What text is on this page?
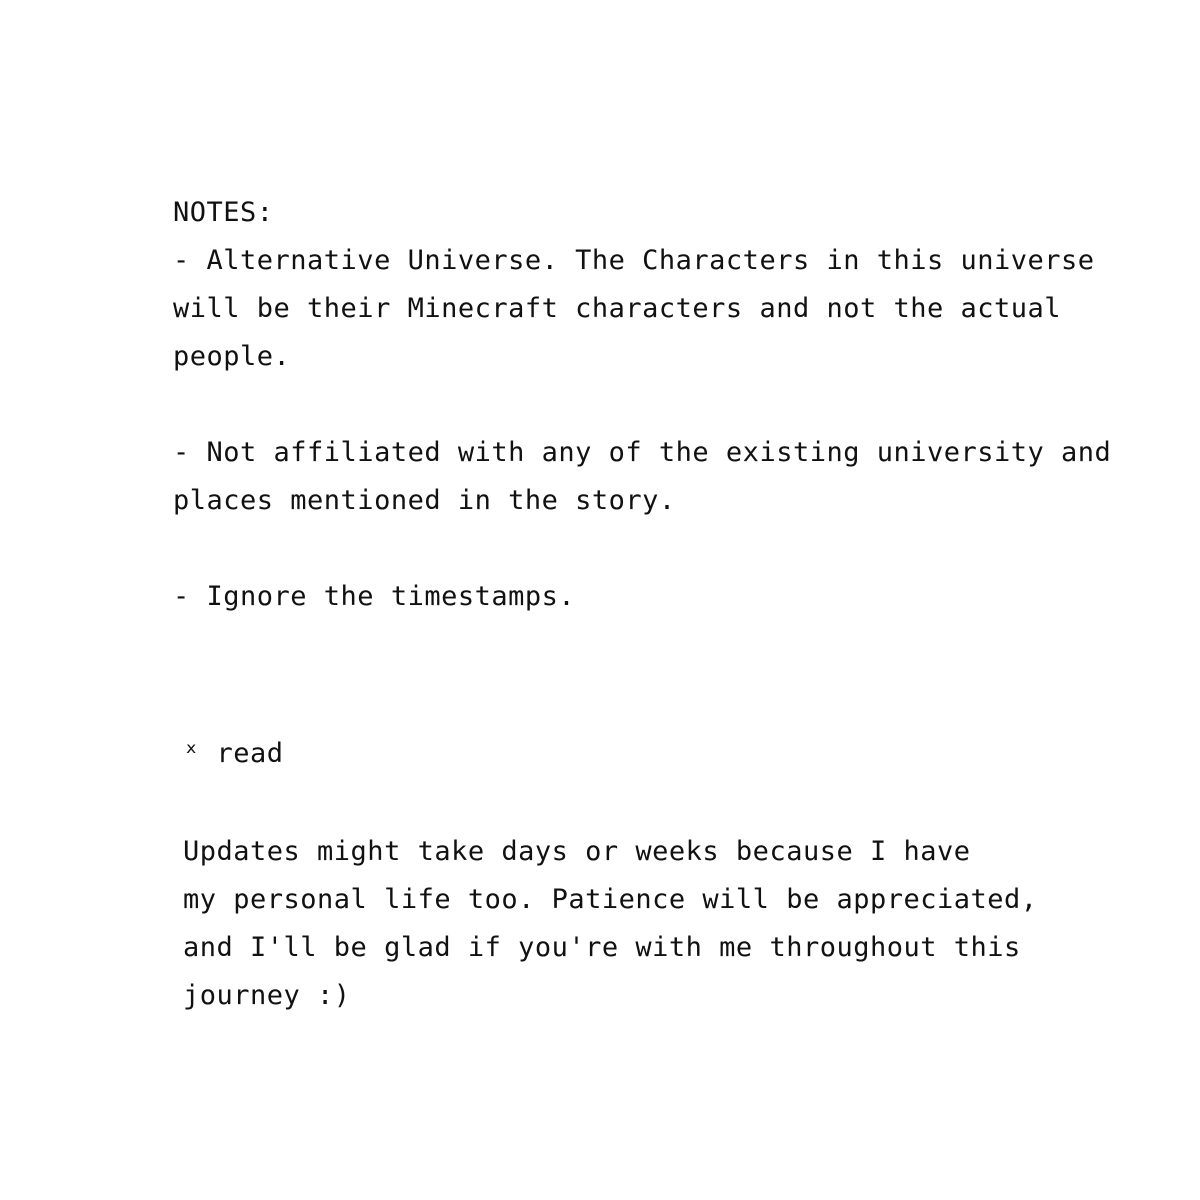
NOTES:
- Alternative Universe. The Characters in this universe
will be their Minecraft characters and not the actual
people.
- Not affiliated with any of the existing university and
places mentioned in the story.
- Ignore the timestamps.
ˣ read
Updates might take days or weeks because I have
my personal life too. Patience will be appreciated,
and I'll be glad if you're with me throughout this
journey :)
